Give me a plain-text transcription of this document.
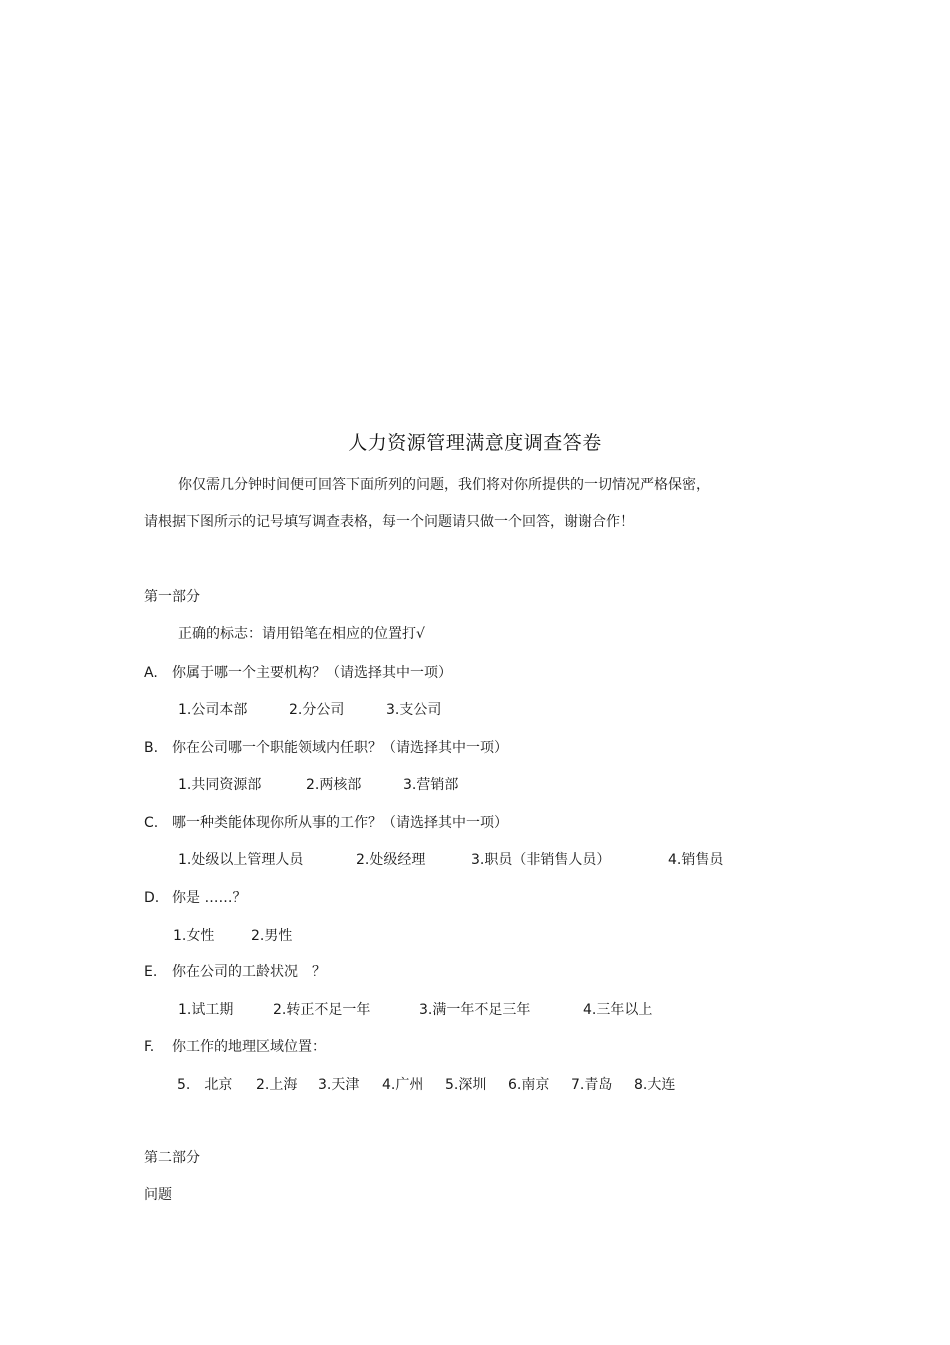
人力资源管理满意度调查答卷
你仅需几分钟时间便可回答下面所列的问题，我们将对你所提供的一切情况严格保密，
请根据下图所示的记号填写调查表格，每一个问题请只做一个回答，谢谢合作！
第一部分
正确的标志：请用铅笔在相应的位置打√
A. 你属于哪一个主要机构？（请选择其中一项）
1.公司本部	2.分公司	3.支公司
B. 你在公司哪一个职能领域内任职？（请选择其中一项）
1.共同资源部	2.两核部	3.营销部
C. 哪一种类能体现你所从事的工作？（请选择其中一项）
1.处级以上管理人员	2.处级经理	3.职员（非销售人员）	4.销售员
D. 你是 ……？
1.女性	2.男性
E. 你在公司的工龄状况　？
1.试工期	2.转正不足一年	3.满一年不足三年	4.三年以上
F. 你工作的地理区域位置：
5.　北京 2.上海 3.天津 4.广州 5.深圳 6.南京 7.青岛 8.大连
第二部分
问题
